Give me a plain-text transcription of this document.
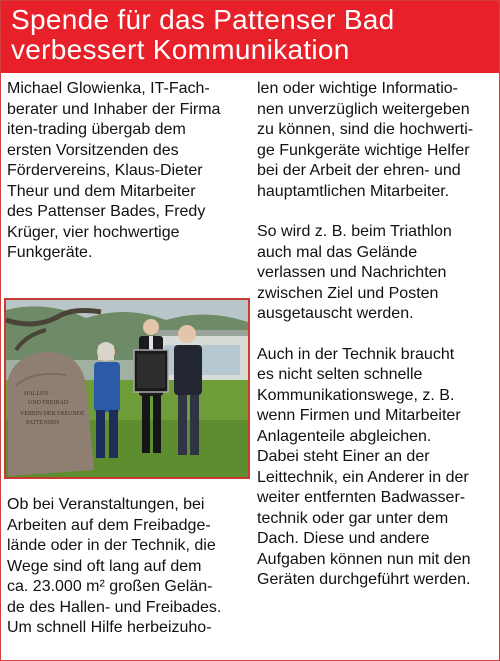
Spende für das Pattenser Bad
verbessert Kommunikation
Michael Glowienka, IT-Fach-
berater und Inhaber der Firma
iten-trading übergab dem
ersten Vorsitzenden des
Fördervereins, Klaus-Dieter
Theur und dem Mitarbeiter
des Pattenser Bades, Fredy
Krüger, vier hochwertige
Funkgeräte.
HALLEN -
UND FREIBAD
VEREIN DER FREUNDE
PATTENSEN
Ob bei Veranstaltungen, bei
Arbeiten auf dem Freibadge-
lände oder in der Technik, die
Wege sind oft lang auf dem
ca. 23.000 m² großen Gelän-
de des Hallen- und Freibades.
Um schnell Hilfe herbeizuho-
len oder wichtige Informatio-
nen unverzüglich weitergeben
zu können, sind die hochwerti-
ge Funkgeräte wichtige Helfer
bei der Arbeit der ehren- und
hauptamtlichen Mitarbeiter.
So wird z. B. beim Triathlon
auch mal das Gelände
verlassen und Nachrichten
zwischen Ziel und Posten
ausgetauscht werden.
Auch in der Technik braucht
es nicht selten schnelle
Kommunikationswege, z. B.
wenn Firmen und Mitarbeiter
Anlagenteile abgleichen.
Dabei steht Einer an der
Leittechnik, ein Anderer in der
weiter entfernten Badwasser-
technik oder gar unter dem
Dach. Diese und andere
Aufgaben können nun mit den
Geräten durchgeführt werden.
